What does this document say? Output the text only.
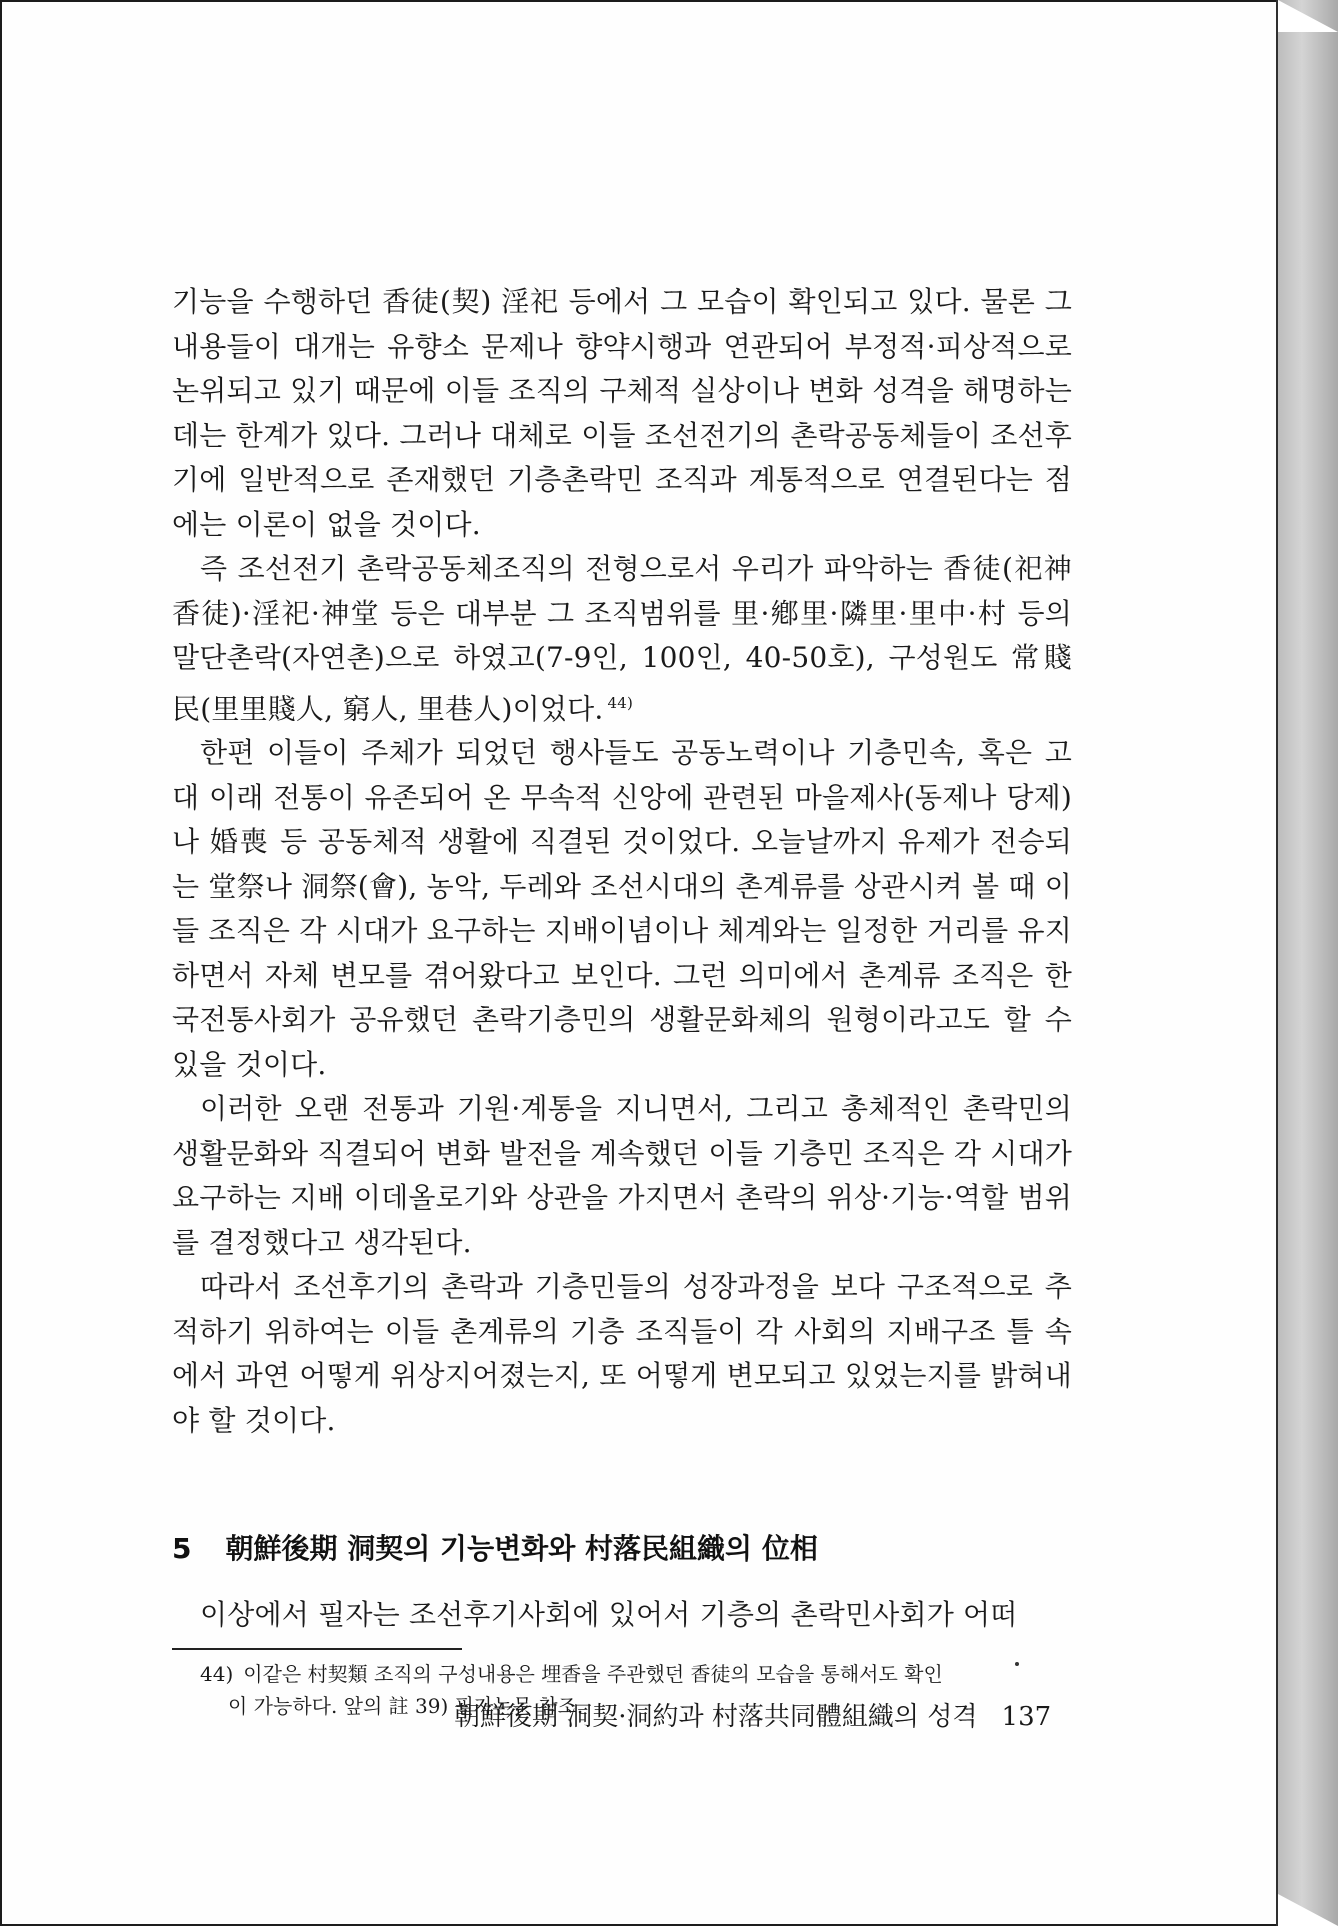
기능을 수행하던 香徒(契) 淫祀 등에서 그 모습이 확인되고 있다. 물론 그 내용들이 대개는 유향소 문제나 향약시행과 연관되어 부정적·피상적으로 논위되고 있기 때문에 이들 조직의 구체적 실상이나 변화 성격을 해명하는 데는 한계가 있다. 그러나 대체로 이들 조선전기의 촌락공동체들이 조선후기에 일반적으로 존재했던 기층촌락민 조직과 계통적으로 연결된다는 점에는 이론이 없을 것이다.

즉 조선전기 촌락공동체조직의 전형으로서 우리가 파악하는 香徒(祀神香徒)·淫祀·神堂 등은 대부분 그 조직범위를 里·鄕里·隣里·里中·村 등의 말단촌락(자연촌)으로 하였고(7-9인, 100인, 40-50호), 구성원도 常賤民(里里賤人, 窮人, 里巷人)이었다. $^{44)}$

한편 이들이 주체가 되었던 행사들도 공동노력이나 기층민속, 혹은 고대 이래 전통이 유존되어 온 무속적 신앙에 관련된 마을제사(동제나 당제)나 婚喪 등 공동체적 생활에 직결된 것이었다. 오늘날까지 유제가 전승되는 堂祭나 洞祭(會), 농악, 두레와 조선시대의 촌계류를 상관시켜 볼 때 이들 조직은 각 시대가 요구하는 지배이념이나 체계와는 일정한 거리를 유지하면서 자체 변모를 겪어왔다고 보인다. 그런 의미에서 촌계류 조직은 한국전통사회가 공유했던 촌락기층민의 생활문화체의 원형이라고도 할 수 있을 것이다.

이러한 오랜 전통과 기원·계통을 지니면서, 그리고 총체적인 촌락민의 생활문화와 직결되어 변화 발전을 계속했던 이들 기층민 조직은 각 시대가 요구하는 지배 이데올로기와 상관을 가지면서 촌락의 위상·기능·역할 범위를 결정했다고 생각된다.

따라서 조선후기의 촌락과 기층민들의 성장과정을 보다 구조적으로 추적하기 위하여는 이들 촌계류의 기층 조직들이 각 사회의 지배구조 틀 속에서 과연 어떻게 위상지어졌는지, 또 어떻게 변모되고 있었는지를 밝혀내야 할 것이다.

5 朝鮮後期 洞契의 기능변화와 村落民組織의 位相

이상에서 필자는 조선후기사회에 있어서 기층의 촌락민사회가 어떠

44) 이같은 村契類 조직의 구성내용은 埋香을 주관했던 香徒의 모습을 통해서도 확인
이 가능하다. 앞의 註 39) 필자논문 참조.

朝鮮後期 洞契·洞約과 村落共同體組織의 성격 137
